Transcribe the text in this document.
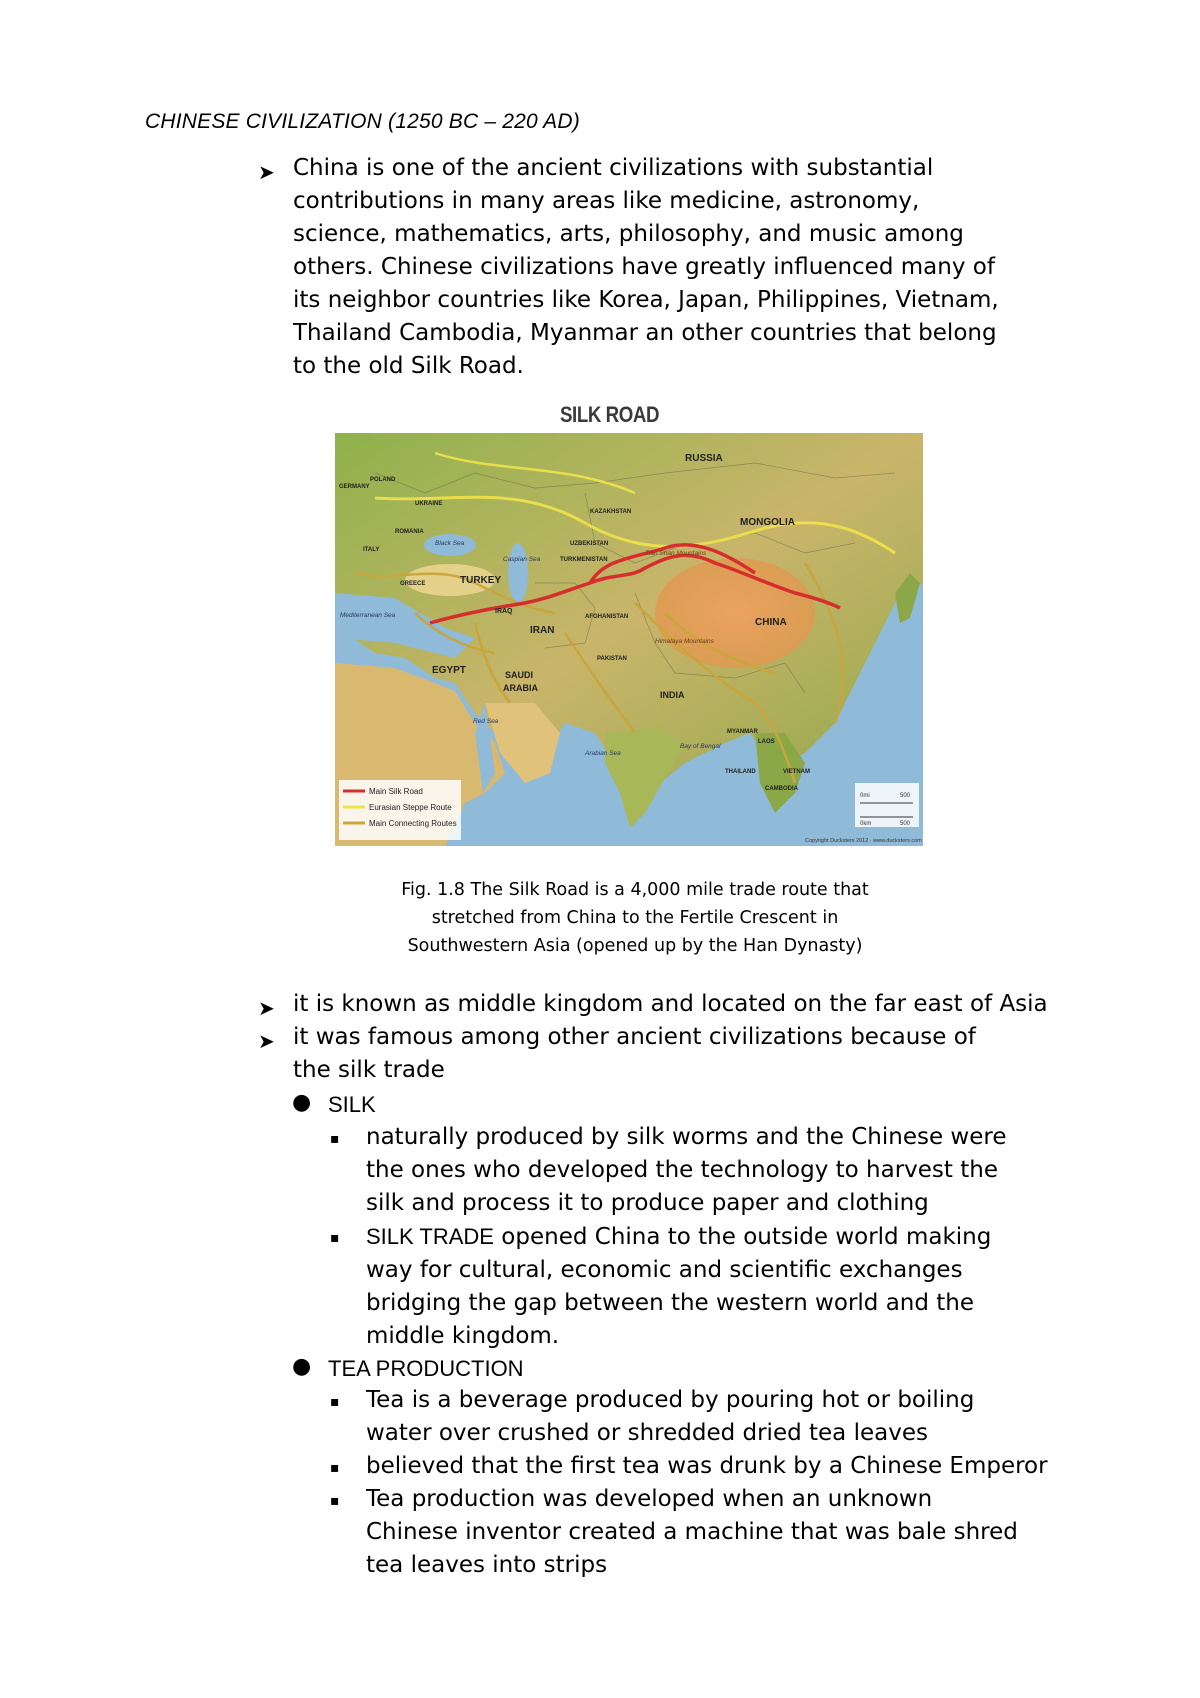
CHINESE CIVILIZATION (1250 BC – 220 AD)
➤ China is one of the ancient civilizations with substantial
contributions in many areas like medicine, astronomy,
science, mathematics, arts, philosophy, and music among
others. Chinese civilizations have greatly influenced many of
its neighbor countries like Korea, Japan, Philippines, Vietnam,
Thailand Cambodia, Myanmar an other countries that belong
to the old Silk Road.
SILK ROAD
RUSSIA
MONGOLIA
KAZAKHSTAN
UZBEKISTAN
TURKMENISTAN
TURKEY
CHINA
IRAN
IRAQ
AFGHANISTAN
PAKISTAN
EGYPT	SAUDI
ARABIA
INDIA
GERMANY
POLAND
UKRAINE
ROMANIA
ITALY
GREECE
THAILAND	VIETNAM
LAOS
CAMBODIA
MYANMAR
Mediterranean Sea
Black Sea
Caspian Sea
Arabian Sea
Bay of Bengal
Red Sea
Tian Shan Mountains
Himalaya Mountains
Main Silk Road
Eurasian Steppe Route
Main Connecting Routes
0mi	500
0km	500
Copyright Ducksters 2012 · www.ducksters.com
Fig. 1.8 The Silk Road is a 4,000 mile trade route that
stretched from China to the Fertile Crescent in
Southwestern Asia (opened up by the Han Dynasty)
➤ it is known as middle kingdom and located on the far east of Asia
➤ it was famous among other ancient civilizations because of
the silk trade
● SILK
▪ naturally produced by silk worms and the Chinese were
the ones who developed the technology to harvest the
silk and process it to produce paper and clothing
▪ SILK TRADE opened China to the outside world making
way for cultural, economic and scientific exchanges
bridging the gap between the western world and the
middle kingdom.
● TEA PRODUCTION
▪ Tea is a beverage produced by pouring hot or boiling
water over crushed or shredded dried tea leaves
▪ believed that the first tea was drunk by a Chinese Emperor
▪ Tea production was developed when an unknown
Chinese inventor created a machine that was bale shred
tea leaves into strips
